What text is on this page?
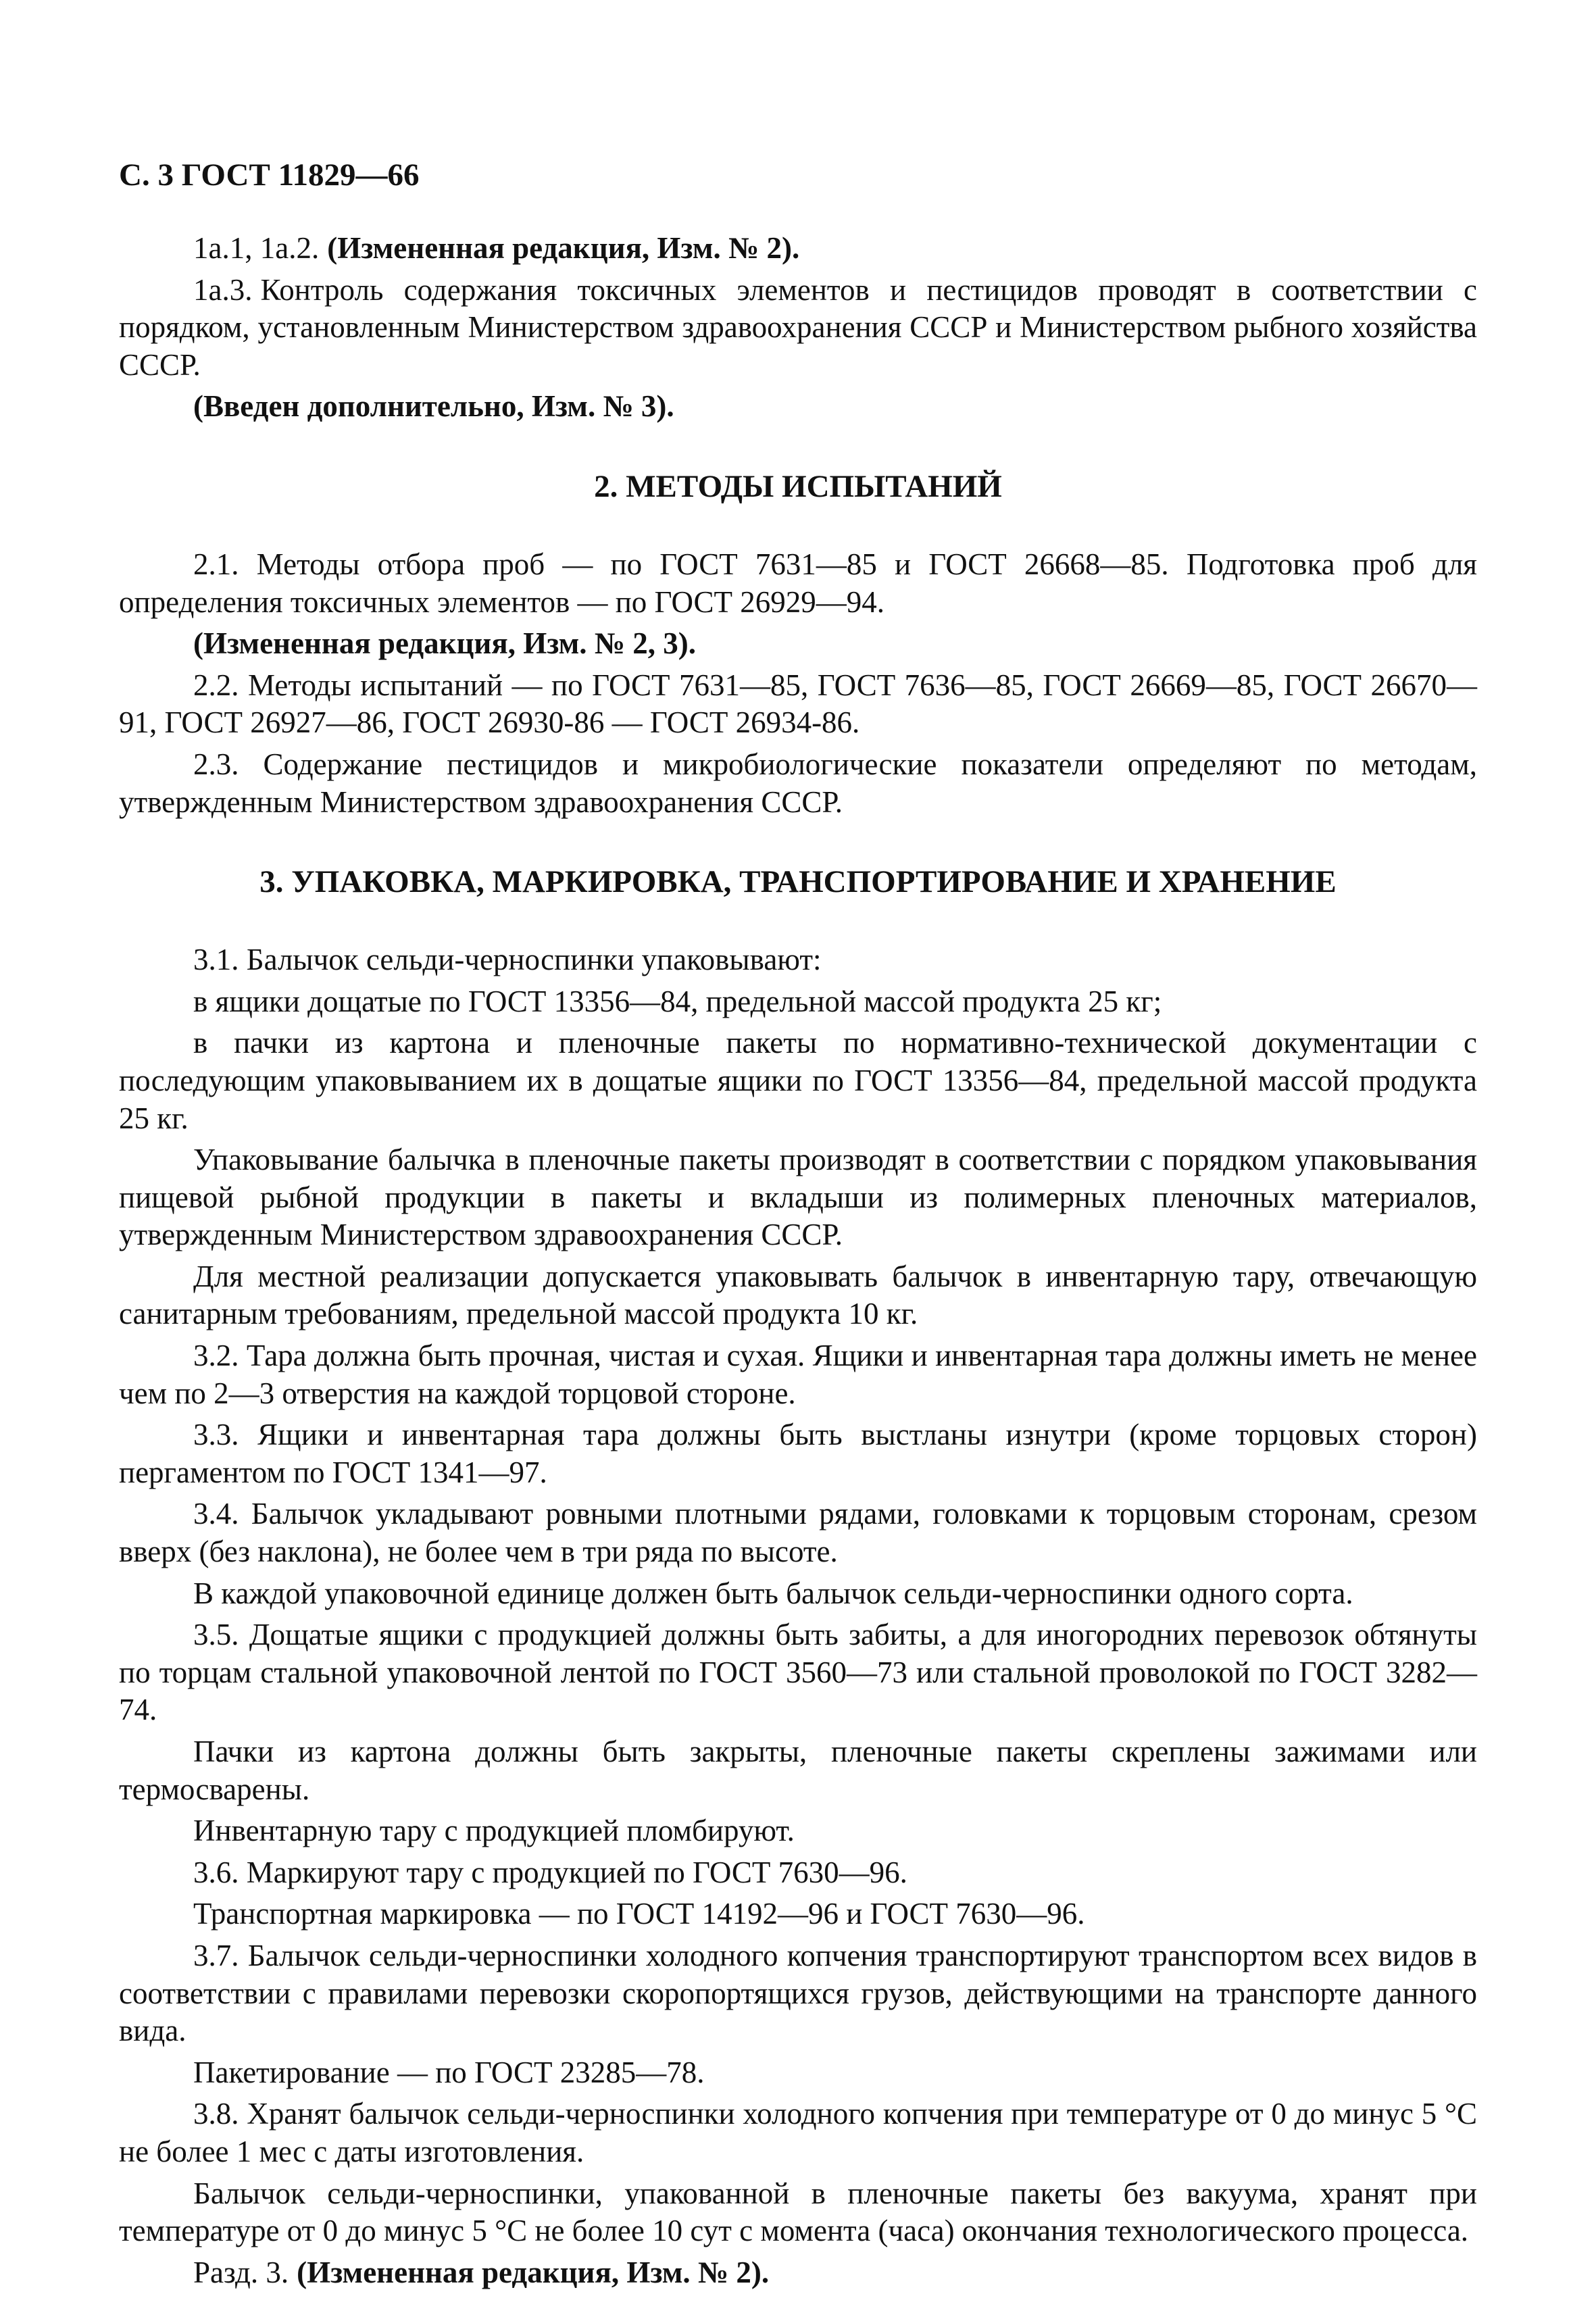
С. 3 ГОСТ 11829—66

1а.1, 1а.2. (Измененная редакция, Изм. № 2).

1а.3. Контроль содержания токсичных элементов и пестицидов проводят в соответствии с порядком, установленным Министерством здравоохранения СССР и Министерством рыбного хозяйства СССР.

(Введен дополнительно, Изм. № 3).

2. МЕТОДЫ ИСПЫТАНИЙ

2.1. Методы отбора проб — по ГОСТ 7631—85 и ГОСТ 26668—85. Подготовка проб для определения токсичных элементов — по ГОСТ 26929—94.

(Измененная редакция, Изм. № 2, 3).

2.2. Методы испытаний — по ГОСТ 7631—85, ГОСТ 7636—85, ГОСТ 26669—85, ГОСТ 26670—91, ГОСТ 26927—86, ГОСТ 26930-86 — ГОСТ 26934-86.

2.3. Содержание пестицидов и микробиологические показатели определяют по методам, утвержденным Министерством здравоохранения СССР.

3. УПАКОВКА, МАРКИРОВКА, ТРАНСПОРТИРОВАНИЕ И ХРАНЕНИЕ

3.1. Балычок сельди-черноспинки упаковывают:

в ящики дощатые по ГОСТ 13356—84, предельной массой продукта 25 кг;

в пачки из картона и пленочные пакеты по нормативно-технической документации с последующим упаковыванием их в дощатые ящики по ГОСТ 13356—84, предельной массой продукта 25 кг.

Упаковывание балычка в пленочные пакеты производят в соответствии с порядком упаковывания пищевой рыбной продукции в пакеты и вкладыши из полимерных пленочных материалов, утвержденным Министерством здравоохранения СССР.

Для местной реализации допускается упаковывать балычок в инвентарную тару, отвечающую санитарным требованиям, предельной массой продукта 10 кг.

3.2. Тара должна быть прочная, чистая и сухая. Ящики и инвентарная тара должны иметь не менее чем по 2—3 отверстия на каждой торцовой стороне.

3.3. Ящики и инвентарная тара должны быть выстланы изнутри (кроме торцовых сторон) пергаментом по ГОСТ 1341—97.

3.4. Балычок укладывают ровными плотными рядами, головками к торцовым сторонам, срезом вверх (без наклона), не более чем в три ряда по высоте.

В каждой упаковочной единице должен быть балычок сельди-черноспинки одного сорта.

3.5. Дощатые ящики с продукцией должны быть забиты, а для иногородних перевозок обтянуты по торцам стальной упаковочной лентой по ГОСТ 3560—73 или стальной проволокой по ГОСТ 3282—74.

Пачки из картона должны быть закрыты, пленочные пакеты скреплены зажимами или термосварены.

Инвентарную тару с продукцией пломбируют.

3.6. Маркируют тару с продукцией по ГОСТ 7630—96.

Транспортная маркировка — по ГОСТ 14192—96 и ГОСТ 7630—96.

3.7. Балычок сельди-черноспинки холодного копчения транспортируют транспортом всех видов в соответствии с правилами перевозки скоропортящихся грузов, действующими на транспорте данного вида.

Пакетирование — по ГОСТ 23285—78.

3.8. Хранят балычок сельди-черноспинки холодного копчения при температуре от 0 до минус 5 °С не более 1 мес с даты изготовления.

Балычок сельди-черноспинки, упакованной в пленочные пакеты без вакуума, хранят при температуре от 0 до минус 5 °С не более 10 сут с момента (часа) окончания технологического процесса.

Разд. 3. (Измененная редакция, Изм. № 2).
